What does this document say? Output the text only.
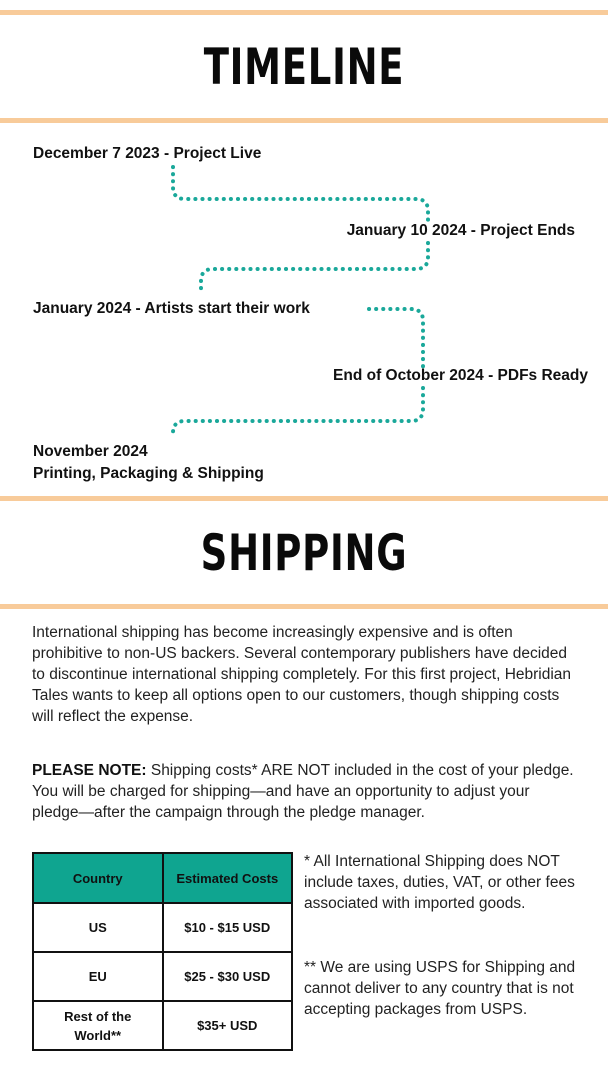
TIMELINE
December 7 2023 - Project Live
January 10 2024 - Project Ends
January 2024 - Artists start their work
End of October 2024 - PDFs Ready
November 2024
Printing, Packaging & Shipping
SHIPPING
International shipping has become increasingly expensive and is often prohibitive to non-US backers. Several contemporary publishers have decided to discontinue international shipping completely. For this first project, Hebridian Tales wants to keep all options open to our customers, though shipping costs will reflect the expense.
PLEASE NOTE: Shipping costs* ARE NOT included in the cost of your pledge. You will be charged for shipping—and have an opportunity to adjust your pledge—after the campaign through the pledge manager.
Country	Estimated Costs
US	$10 - $15 USD
EU	$25 - $30 USD
Rest of the World**	$35+ USD
* All International Shipping does NOT include taxes, duties, VAT, or other fees associated with imported goods.
** We are using USPS for Shipping and cannot deliver to any country that is not accepting packages from USPS.
